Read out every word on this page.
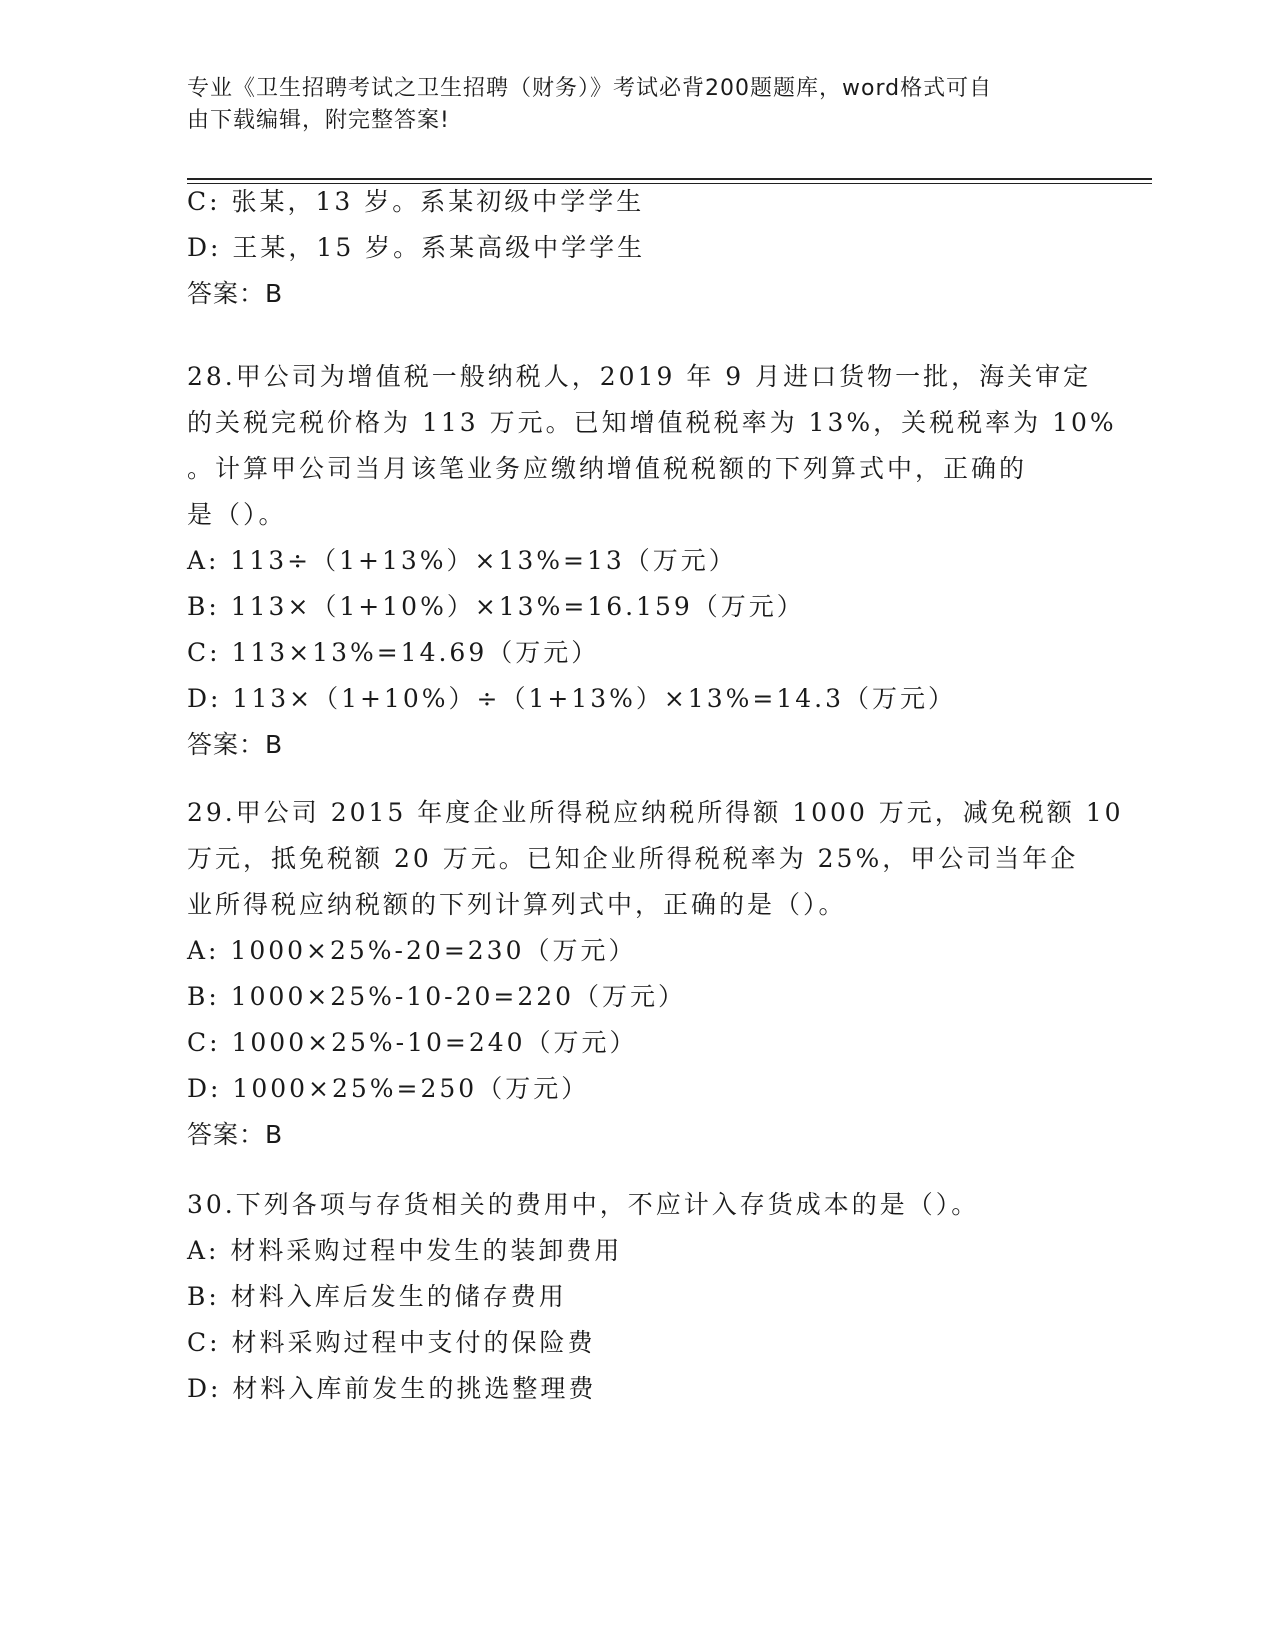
专业《卫生招聘考试之卫生招聘（财务）》考试必背200题题库，word格式可自
由下载编辑，附完整答案!
C: 张某，13 岁。系某初级中学学生
D: 王某，15 岁。系某高级中学学生
答案：B
28.甲公司为增值税一般纳税人，2019 年 9 月进口货物一批，海关审定
的关税完税价格为 113 万元。已知增值税税率为 13%，关税税率为 10%
。计算甲公司当月该笔业务应缴纳增值税税额的下列算式中，正确的
是（）。
A: 113÷（1+13%）×13%=13（万元）
B: 113×（1+10%）×13%=16.159（万元）
C: 113×13%=14.69（万元）
D: 113×（1+10%）÷（1+13%）×13%=14.3（万元）
答案：B
29.甲公司 2015 年度企业所得税应纳税所得额 1000 万元，减免税额 10
万元，抵免税额 20 万元。已知企业所得税税率为 25%，甲公司当年企
业所得税应纳税额的下列计算列式中，正确的是（）。
A: 1000×25%-20=230（万元）
B: 1000×25%-10-20=220（万元）
C: 1000×25%-10=240（万元）
D: 1000×25%=250（万元）
答案：B
30.下列各项与存货相关的费用中，不应计入存货成本的是（）。
A: 材料采购过程中发生的装卸费用
B: 材料入库后发生的储存费用
C: 材料采购过程中支付的保险费
D: 材料入库前发生的挑选整理费
